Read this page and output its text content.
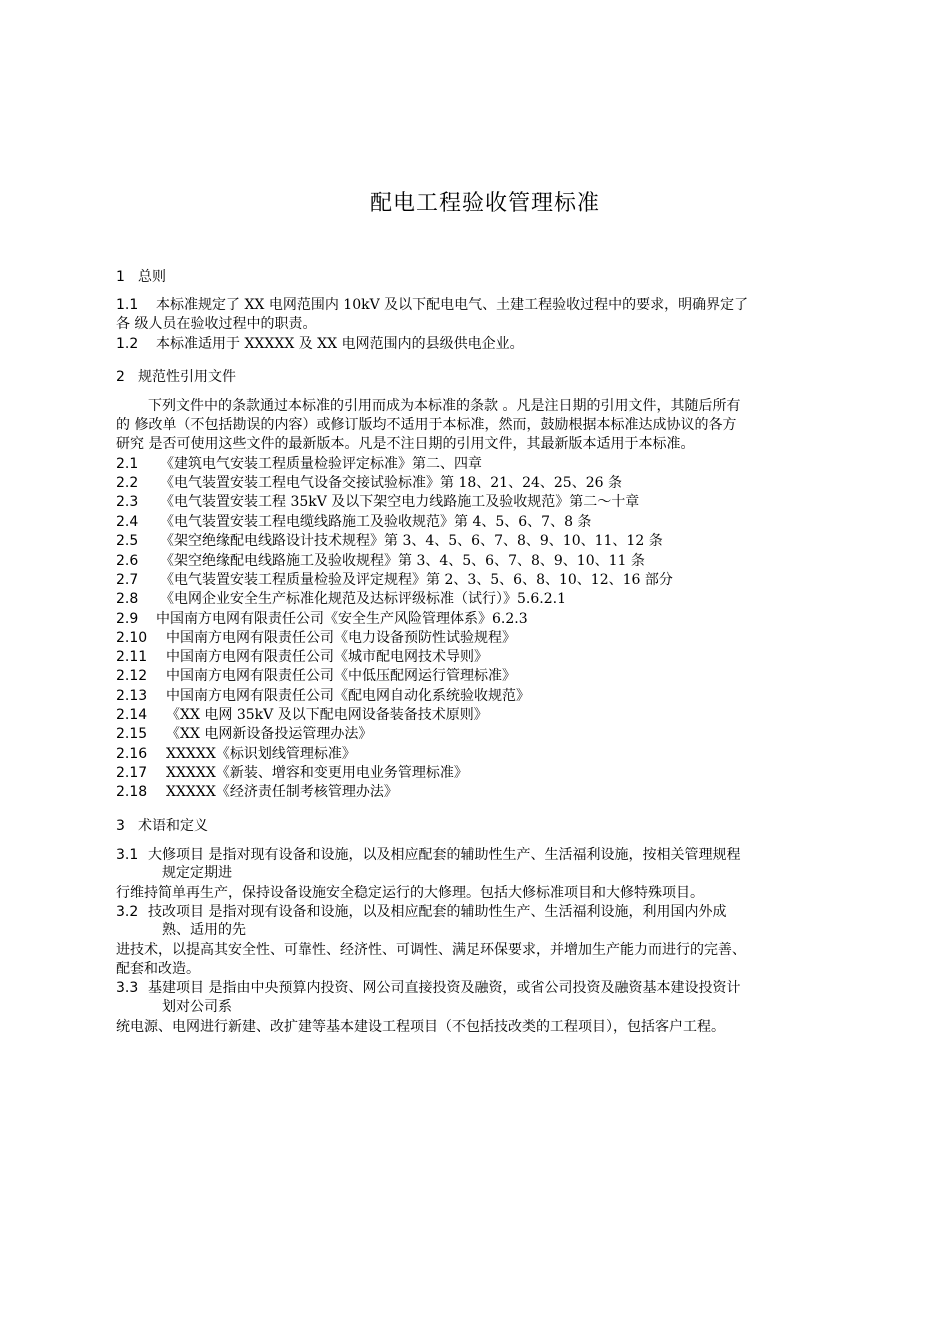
配电工程验收管理标准
1 总则
1.1 本标准规定了 XX 电网范围内 10kV 及以下配电电气、土建工程验收过程中的要求，明确界定了
各 级人员在验收过程中的职责。
1.2 本标准适用于 XXXXX 及 XX 电网范围内的县级供电企业。
2 规范性引用文件
下列文件中的条款通过本标准的引用而成为本标准的条款 。凡是注日期的引用文件，其随后所有
的 修改单（不包括勘误的内容）或修订版均不适用于本标准，然而，鼓励根据本标准达成协议的各方
研究 是否可使用这些文件的最新版本。凡是不注日期的引用文件，其最新版本适用于本标准。
2.1 《建筑电气安装工程质量检验评定标准》第二、四章
2.2 《电气装置安装工程电气设备交接试验标准》第 18、21、24、25、26 条
2.3 《电气装置安装工程 35kV 及以下架空电力线路施工及验收规范》第二～十章
2.4 《电气装置安装工程电缆线路施工及验收规范》第 4、5、6、7、8 条
2.5 《架空绝缘配电线路设计技术规程》第 3、4、5、6、7、8、9、10、11、12 条
2.6 《架空绝缘配电线路施工及验收规程》第 3、4、5、6、7、8、9、10、11 条
2.7 《电气装置安装工程质量检验及评定规程》第 2、3、5、6、8、10、12、16 部分
2.8 《电网企业安全生产标准化规范及达标评级标准（试行）》5.6.2.1
2.9 中国南方电网有限责任公司《安全生产风险管理体系》6.2.3
2.10 中国南方电网有限责任公司《电力设备预防性试验规程》
2.11 中国南方电网有限责任公司《城市配电网技术导则》
2.12 中国南方电网有限责任公司《中低压配网运行管理标准》
2.13 中国南方电网有限责任公司《配电网自动化系统验收规范》
2.14 《XX 电网 35kV 及以下配电网设备装备技术原则》
2.15 《XX 电网新设备投运管理办法》
2.16 XXXXX《标识划线管理标准》
2.17 XXXXX《新装、增容和变更用电业务管理标准》
2.18 XXXXX《经济责任制考核管理办法》
3 术语和定义
3.1 大修项目 是指对现有设备和设施，以及相应配套的辅助性生产、生活福利设施，按相关管理规程
规定定期进
行维持简单再生产，保持设备设施安全稳定运行的大修理。包括大修标准项目和大修特殊项目。
3.2 技改项目 是指对现有设备和设施，以及相应配套的辅助性生产、生活福利设施，利用国内外成
熟、适用的先
进技术，以提高其安全性、可靠性、经济性、可调性、满足环保要求，并增加生产能力而进行的完善、
配套和改造。
3.3 基建项目 是指由中央预算内投资、网公司直接投资及融资，或省公司投资及融资基本建设投资计
划对公司系
统电源、电网进行新建、改扩建等基本建设工程项目（不包括技改类的工程项目），包括客户工程。
